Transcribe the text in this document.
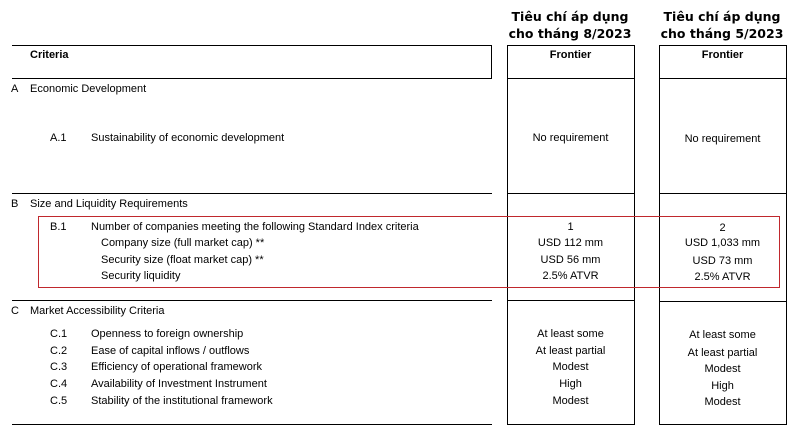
Tiêu chí áp dụng
cho tháng 8/2023
Tiêu chí áp dụng
cho tháng 5/2023
Criteria	Frontier	Frontier
A Economic Development
A.1 Sustainability of economic development	No requirement	No requirement
B Size and Liquidity Requirements
B.1 Number of companies meeting the following Standard Index criteria	1	2
Company size (full market cap) **	USD 112 mm	USD 1,033 mm
Security size (float market cap) **	USD 56 mm	USD 73 mm
Security liquidity	2.5% ATVR	2.5% ATVR
C Market Accessibility Criteria
C.1 Openness to foreign ownership	At least some	At least some
C.2 Ease of capital inflows / outflows	At least partial	At least partial
C.3 Efficiency of operational framework	Modest	Modest
C.4 Availability of Investment Instrument	High	High
C.5 Stability of the institutional framework	Modest	Modest
